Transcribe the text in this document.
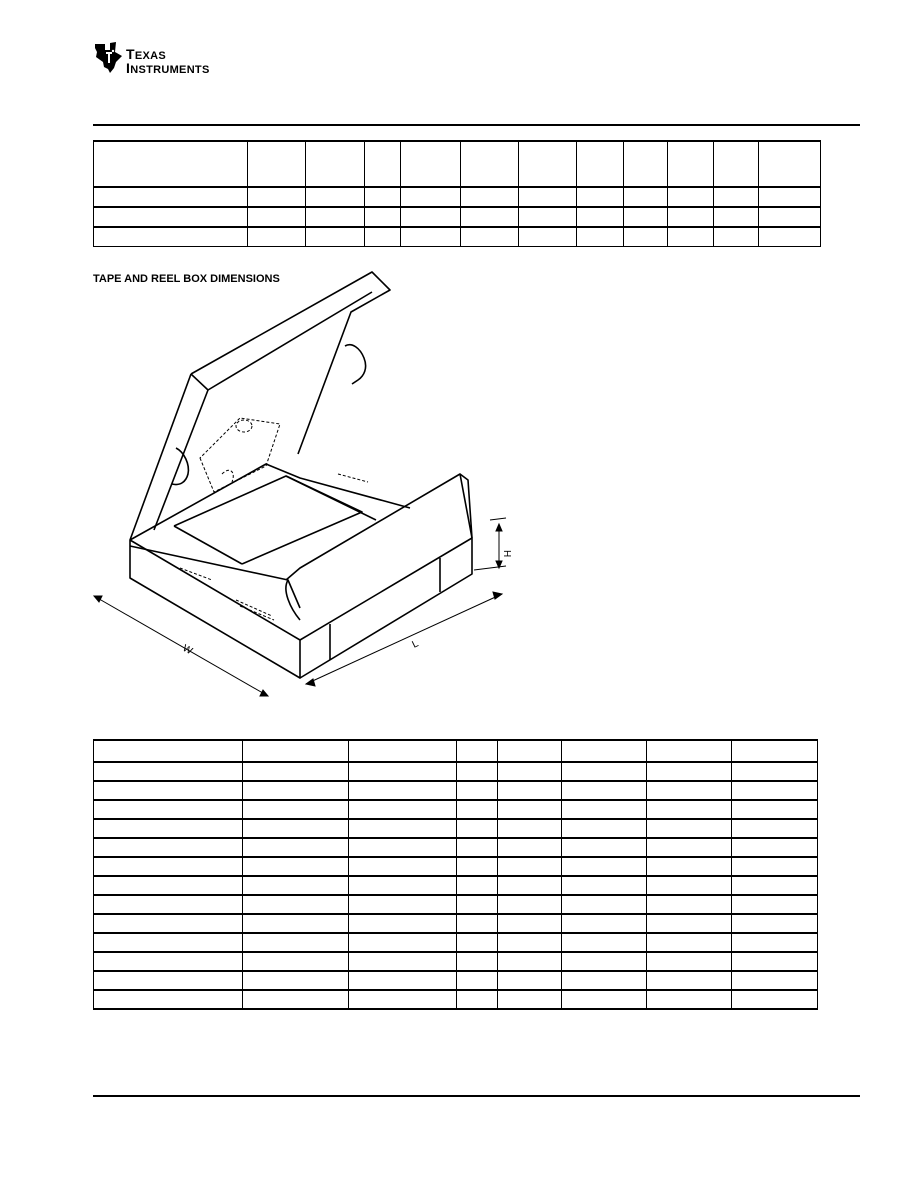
TEXAS
INSTRUMENTS

TAPE AND REEL BOX DIMENSIONS
W	L
H
